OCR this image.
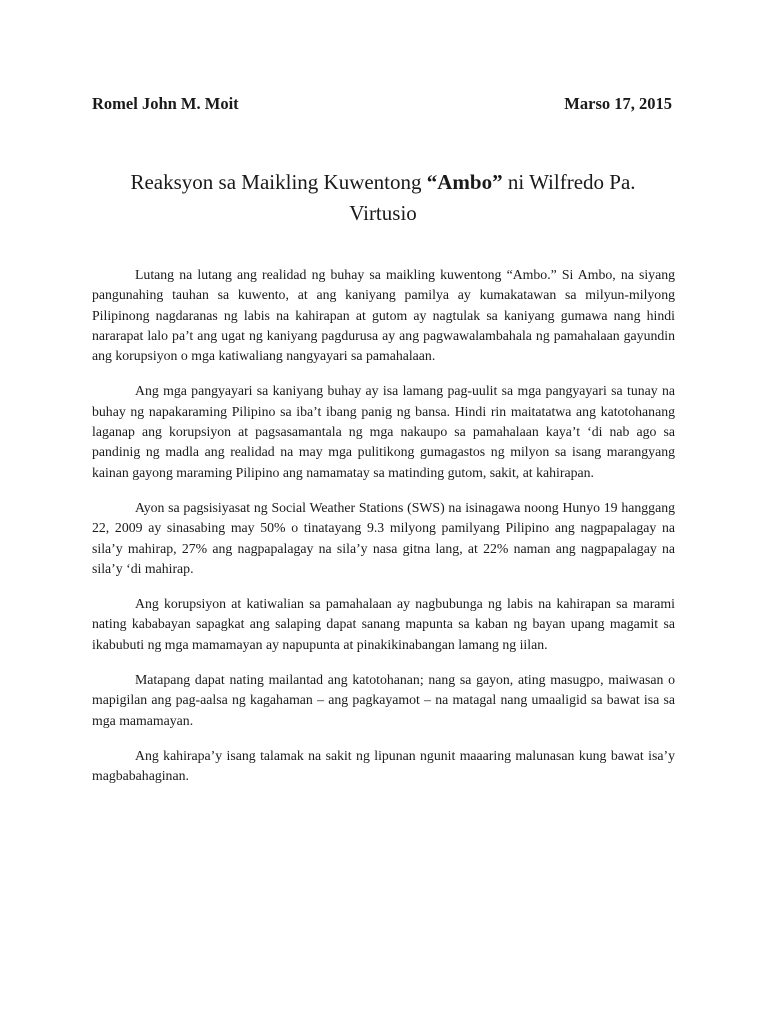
Romel John M. Moit	Marso 17, 2015
Reaksyon sa Maikling Kuwentong “Ambo” ni Wilfredo Pa.
Virtusio

Lutang na lutang ang realidad ng buhay sa maikling kuwentong “Ambo.” Si Ambo, na siyang pangunahing tauhan sa kuwento, at ang kaniyang pamilya ay kumakatawan sa milyun-milyong Pilipinong nagdaranas ng labis na kahirapan at gutom ay nagtulak sa kaniyang gumawa nang hindi nararapat lalo pa’t ang ugat ng kaniyang pagdurusa ay ang pagwawalambahala ng pamahalaan gayundin ang korupsiyon o mga katiwaliang nangyayari sa pamahalaan.

Ang mga pangyayari sa kaniyang buhay ay isa lamang pag-uulit sa mga pangyayari sa tunay na buhay ng napakaraming Pilipino sa iba’t ibang panig ng bansa. Hindi rin maitatatwa ang katotohanang laganap ang korupsiyon at pagsasamantala ng mga nakaupo sa pamahalaan kaya’t ‘di nab ago sa pandinig ng madla ang realidad na may mga pulitikong gumagastos ng milyon sa isang marangyang kainan gayong maraming Pilipino ang namamatay sa matinding gutom, sakit, at kahirapan.

Ayon sa pagsisiyasat ng Social Weather Stations (SWS) na isinagawa noong Hunyo 19 hanggang 22, 2009 ay sinasabing may 50% o tinatayang 9.3 milyong pamilyang Pilipino ang nagpapalagay na sila’y mahirap, 27% ang nagpapalagay na sila’y nasa gitna lang, at 22% naman ang nagpapalagay na sila’y ‘di mahirap.

Ang korupsiyon at katiwalian sa pamahalaan ay nagbubunga ng labis na kahirapan sa marami nating kababayan sapagkat ang salaping dapat sanang mapunta sa kaban ng bayan upang magamit sa ikabubuti ng mga mamamayan ay napupunta at pinakikinabangan lamang ng iilan.

Matapang dapat nating mailantad ang katotohanan; nang sa gayon, ating masugpo, maiwasan o mapigilan ang pag-aalsa ng kagahaman – ang pagkayamot – na matagal nang umaaligid sa bawat isa sa mga mamamayan.

Ang kahirapa’y isang talamak na sakit ng lipunan ngunit maaaring malunasan kung bawat isa’y magbabahaginan.
